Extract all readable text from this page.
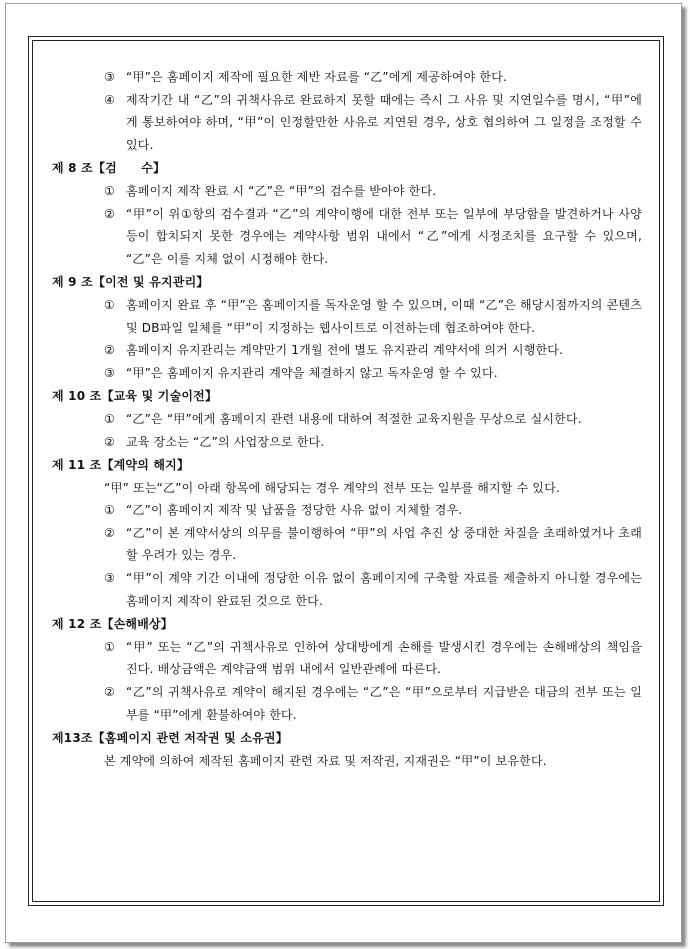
③ “甲”은 홈페이지 제작에 필요한 제반 자료를 “乙”에게 제공하여야 한다.
④ 제작기간 내 “乙”의 귀책사유로 완료하지 못할 때에는 즉시 그 사유 및 지연일수를 명시, “甲”에게 통보하여야 하며, “甲”이 인정할만한 사유로 지연된 경우, 상호 협의하여 그 일정을 조정할 수 있다.
제 8 조【검　　수】
① 홈페이지 제작 완료 시 “乙”은 “甲”의 검수를 받아야 한다.
② “甲”이 위①항의 검수결과 “乙”의 계약이행에 대한 전부 또는 일부에 부당함을 발견하거나 사양 등이 합치되지 못한 경우에는 계약사항 범위 내에서 “乙”에게 시정조치를 요구할 수 있으며, “乙”은 이를 지체 없이 시정해야 한다.
제 9 조【이전 및 유지관리】
① 홈페이지 완료 후 “甲”은 홈페이지를 독자운영 할 수 있으며, 이때 “乙”은 해당시점까지의 콘텐츠 및 DB파일 일체를 “甲”이 지정하는 웹사이트로 이전하는데 협조하여야 한다.
② 홈페이지 유지관리는 계약만기 1개월 전에 별도 유지관리 계약서에 의거 시행한다.
③ “甲”은 홈페이지 유지관리 계약을 체결하지 않고 독자운영 할 수 있다.
제 10 조【교육 및 기술이전】
① “乙”은 “甲”에게 홈페이지 관련 내용에 대하여 적절한 교육지원을 무상으로 실시한다.
② 교육 장소는 “乙”의 사업장으로 한다.
제 11 조【계약의 해지】
“甲” 또는“乙”이 아래 항목에 해당되는 경우 계약의 전부 또는 일부를 해지할 수 있다.
① “乙”이 홈페이지 제작 및 납품을 정당한 사유 없이 지체할 경우.
② “乙”이 본 계약서상의 의무를 불이행하여 “甲”의 사업 추진 상 중대한 차질을 초래하였거나 초래할 우려가 있는 경우.
③ “甲”이 계약 기간 이내에 정당한 이유 없이 홈페이지에 구축할 자료를 제출하지 아니할 경우에는 홈페이지 제작이 완료된 것으로 한다.
제 12 조【손해배상】
① “甲” 또는 “乙”의 귀책사유로 인하여 상대방에게 손해를 발생시킨 경우에는 손해배상의 책임을 진다. 배상금액은 계약금액 범위 내에서 일반관례에 따른다.
② “乙”의 귀책사유로 계약이 해지된 경우에는 “乙”은 “甲”으로부터 지급받은 대금의 전부 또는 일부를 “甲”에게 환불하여야 한다.
제13조【홈페이지 관련 저작권 및 소유권】
본 계약에 의하여 제작된 홈페이지 관련 자료 및 저작권, 지재권은 “甲”이 보유한다.
